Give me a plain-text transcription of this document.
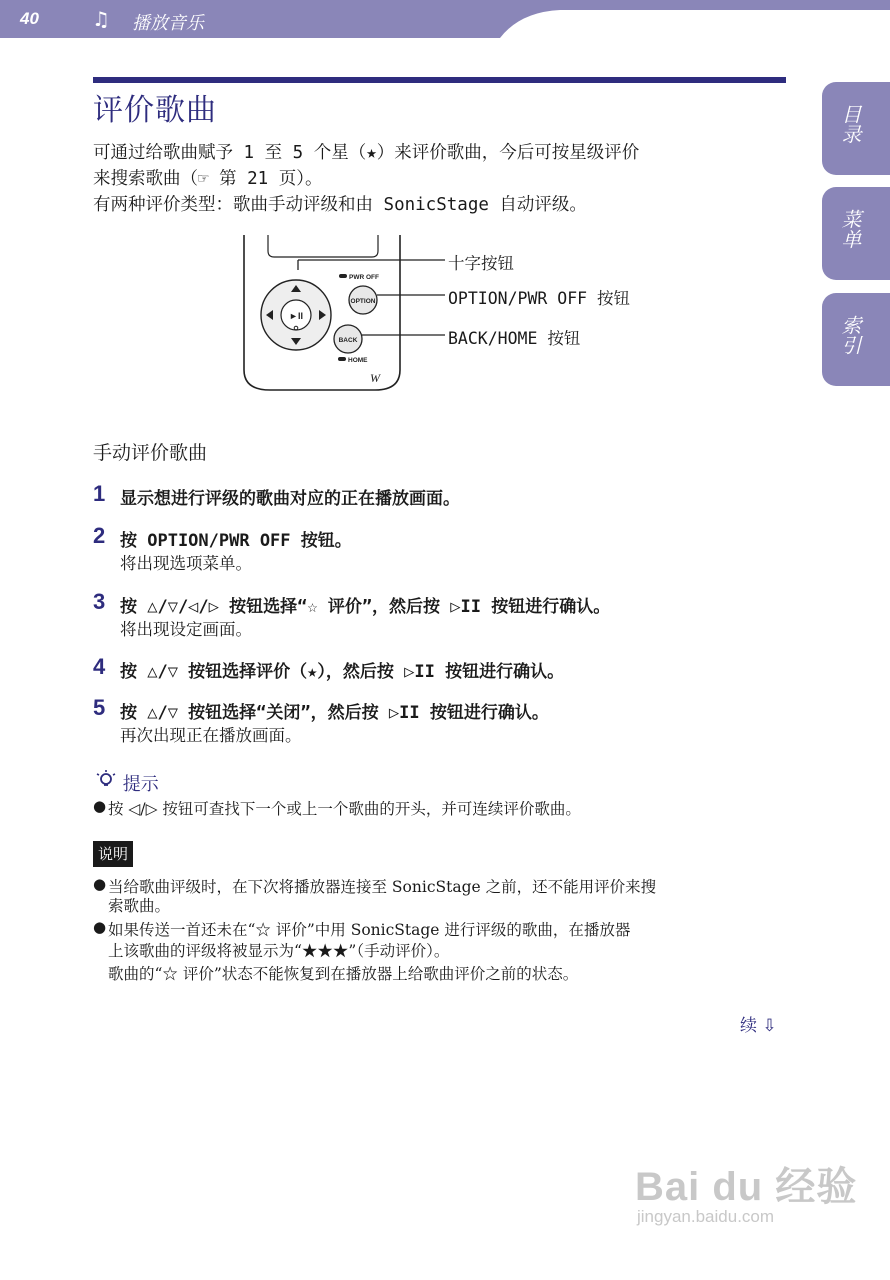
40	♫ 播放音乐
评价歌曲
可通过给歌曲赋予 1 至 5 个星（★）来评价歌曲，今后可按星级评价
来搜索歌曲（☞ 第 21 页）。
有两种评价类型：歌曲手动评级和由 SonicStage 自动评级。
►II
OPTION
PWR OFF
BACK
HOME
W
十字按钮
OPTION/PWR OFF 按钮
BACK/HOME 按钮
手动评价歌曲
1 显示想进行评级的歌曲对应的正在播放画面。
2 按 OPTION/PWR OFF 按钮。
将出现选项菜单。
3 按 △/▽/◁/▷ 按钮选择“☆ 评价”，然后按 ▷II 按钮进行确认。
将出现设定画面。
4 按 △/▽ 按钮选择评价（★），然后按 ▷II 按钮进行确认。
5 按 △/▽ 按钮选择“关闭”，然后按 ▷II 按钮进行确认。
再次出现正在播放画面。
提示
● 按 ◁/▷ 按钮可查找下一个或上一个歌曲的开头，并可连续评价歌曲。
说明
● 当给歌曲评级时，在下次将播放器连接至 SonicStage 之前，还不能用评价来搜
索歌曲。
● 如果传送一首还未在“☆ 评价”中用 SonicStage 进行评级的歌曲，在播放器
上该歌曲的评级将被显示为“★★★”（手动评价）。
歌曲的“☆ 评价”状态不能恢复到在播放器上给歌曲评价之前的状态。
续 ⇩
目录
菜单
索引
Bai du 经验
jingyan.baidu.com
